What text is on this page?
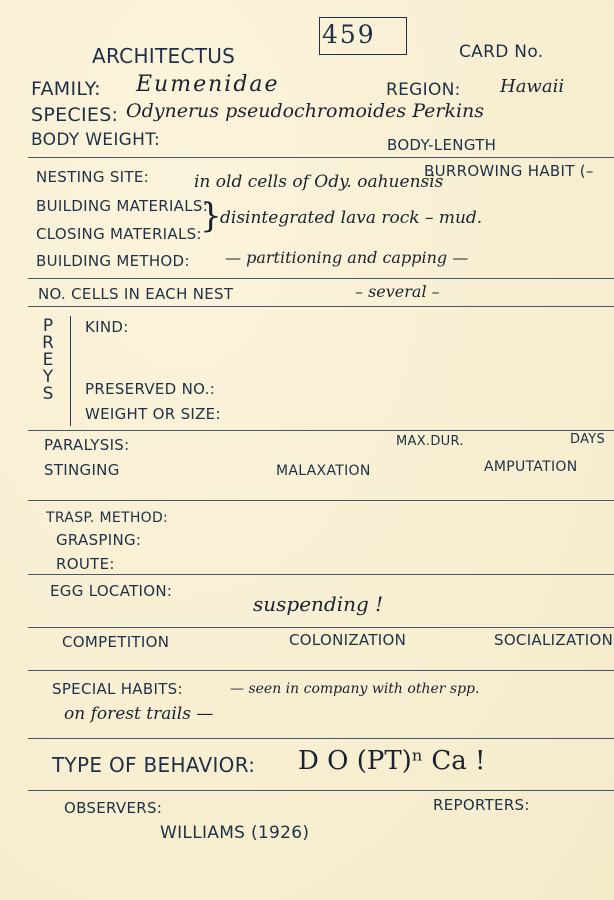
ARCHITECTUS
459
CARD No.
FAMILY: Eumenidae	REGION: Hawaii
SPECIES: Odynerus pseudochromoides Perkins
BODY WEIGHT:	BODY-LENGTH
NESTING SITE:	in old cells of Ody. oahuensis
BURROWING HABIT (–
BUILDING MATERIALS:
CLOSING MATERIALS:
}
disintegrated lava rock – mud.
BUILDING METHOD: — partitioning and capping —
NO. CELLS IN EACH NEST	– several –
P
R
E
Y
S
KIND:
PRESERVED NO.:
WEIGHT OR SIZE:
PARALYSIS:	MAX.DUR.	DAYS
STINGING	MALAXATION	AMPUTATION
TRASP. METHOD:
GRASPING:
ROUTE:
EGG LOCATION:
suspending !
COMPETITION	COLONIZATION	SOCIALIZATION
SPECIAL HABITS:	— seen in company with other spp.
on forest trails —
TYPE OF BEHAVIOR: D O (PT)ⁿ Ca !
OBSERVERS:	REPORTERS:
WILLIAMS (1926)
